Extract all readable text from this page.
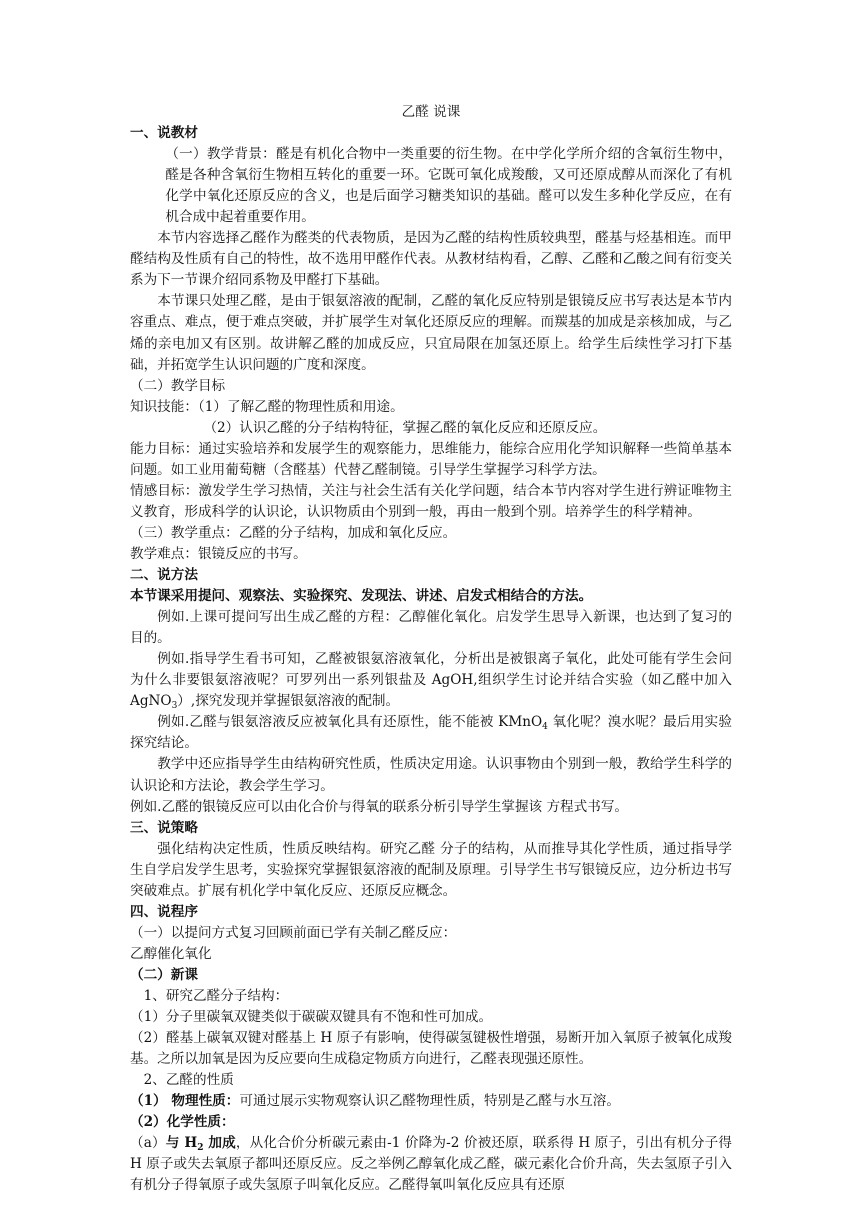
乙醛 说课

一、说教材

（一）教学背景：醛是有机化合物中一类重要的衍生物。在中学化学所介绍的含氧衍生物中，醛是各种含氧衍生物相互转化的重要一环。它既可氧化成羧酸，又可还原成醇从而深化了有机化学中氧化还原反应的含义，也是后面学习糖类知识的基础。醛可以发生多种化学反应，在有机合成中起着重要作用。

本节内容选择乙醛作为醛类的代表物质，是因为乙醛的结构性质较典型，醛基与烃基相连。而甲醛结构及性质有自己的特性，故不选用甲醛作代表。从教材结构看，乙醇、乙醛和乙酸之间有衍变关系为下一节课介绍同系物及甲醛打下基础。

本节课只处理乙醛，是由于银氨溶液的配制，乙醛的氧化反应特别是银镜反应书写表达是本节内容重点、难点，便于难点突破，并扩展学生对氧化还原反应的理解。而羰基的加成是亲核加成，与乙烯的亲电加又有区别。故讲解乙醛的加成反应，只宜局限在加氢还原上。给学生后续性学习打下基础，并拓宽学生认识问题的广度和深度。

（二）教学目标

知识技能：（1）了解乙醛的物理性质和用途。

（2）认识乙醛的分子结构特征，掌握乙醛的氧化反应和还原反应。

能力目标：通过实验培养和发展学生的观察能力，思维能力，能综合应用化学知识解释一些简单基本问题。如工业用葡萄糖（含醛基）代替乙醛制镜。引导学生掌握学习科学方法。

情感目标：激发学生学习热情，关注与社会生活有关化学问题，结合本节内容对学生进行辨证唯物主义教育，形成科学的认识论，认识物质由个别到一般，再由一般到个别。培养学生的科学精神。

（三）教学重点：乙醛的分子结构，加成和氧化反应。

教学难点：银镜反应的书写。

二、说方法

本节课采用提问、观察法、实验探究、发现法、讲述、启发式相结合的方法。

例如.上课可提问写出生成乙醛的方程：乙醇催化氧化。启发学生思导入新课，也达到了复习的目的。

例如.指导学生看书可知，乙醛被银氨溶液氧化，分析出是被银离子氧化，此处可能有学生会问为什么非要银氨溶液呢？可罗列出一系列银盐及 AgOH,组织学生讨论并结合实验（如乙醛中加入 AgNO$_3$）,探究发现并掌握银氨溶液的配制。

例如.乙醛与银氨溶液反应被氧化具有还原性，能不能被 KMnO$_4$ 氧化呢？溴水呢？最后用实验探究结论。

教学中还应指导学生由结构研究性质，性质决定用途。认识事物由个别到一般，教给学生科学的认识论和方法论，教会学生学习。

例如.乙醛的银镜反应可以由化合价与得氧的联系分析引导学生掌握该 方程式书写。

三、说策略

强化结构决定性质，性质反映结构。研究乙醛 分子的结构，从而推导其化学性质，通过指导学生自学启发学生思考，实验探究掌握银氨溶液的配制及原理。引导学生书写银镜反应，边分析边书写突破难点。扩展有机化学中氧化反应、还原反应概念。

四、说程序

（一）以提问方式复习回顾前面已学有关制乙醛反应：

乙醇催化氧化

（二）新课

1、研究乙醛分子结构：

（1）分子里碳氧双键类似于碳碳双键具有不饱和性可加成。

（2）醛基上碳氧双键对醛基上 H 原子有影响，使得碳氢键极性增强，易断开加入氧原子被氧化成羧基。之所以加氧是因为反应要向生成稳定物质方向进行，乙醛表现强还原性。

2、乙醛的性质

（1） 物理性质：可通过展示实物观察认识乙醛物理性质，特别是乙醛与水互溶。

（2）化学性质：

（a）与 $H_2$ 加成，从化合价分析碳元素由-1 价降为-2 价被还原，联系得 H 原子，引出有机分子得 H 原子或失去氧原子都叫还原反应。反之举例乙醇氧化成乙醛，碳元素化合价升高，失去氢原子引入有机分子得氧原子或失氢原子叫氧化反应。乙醛得氧叫氧化反应具有还原
